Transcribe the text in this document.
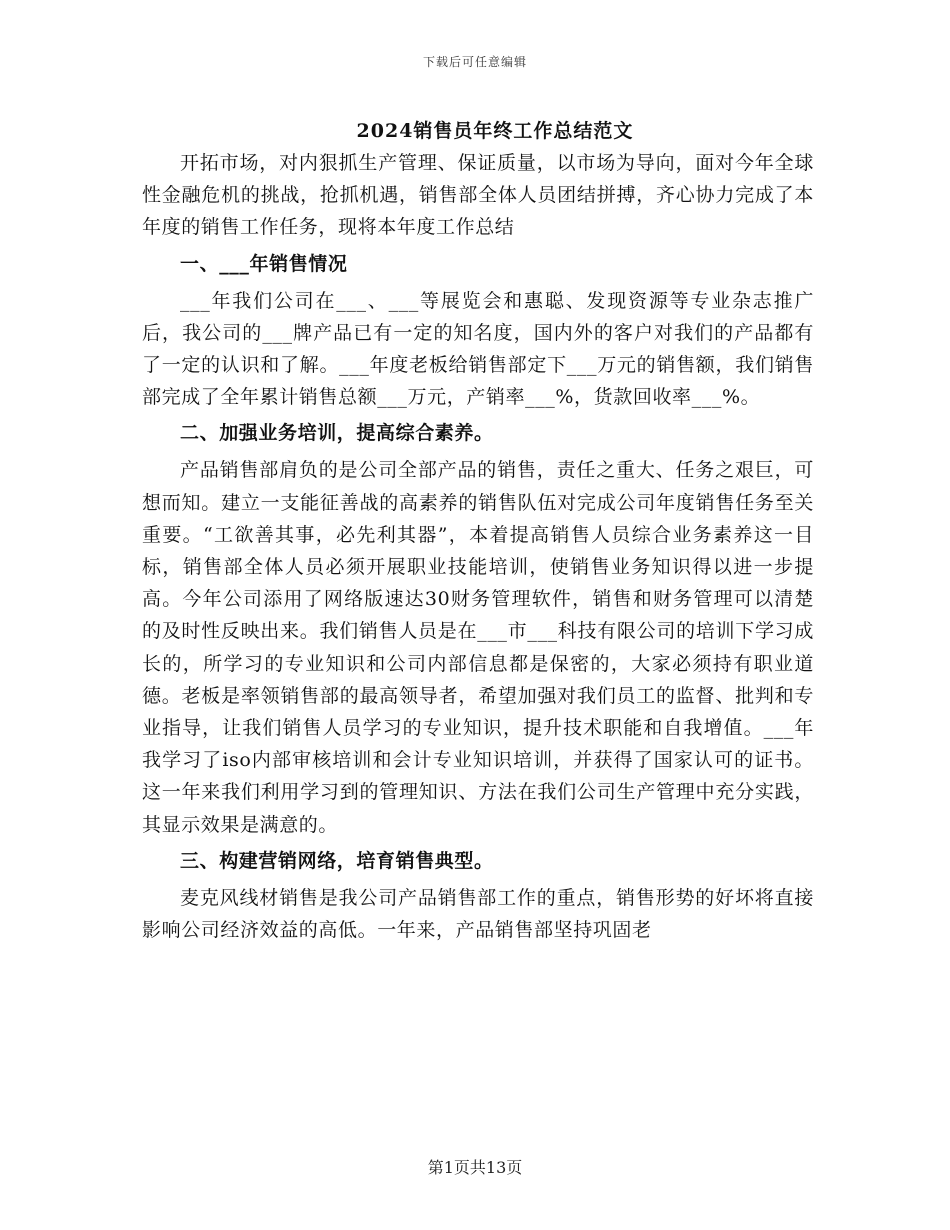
下载后可任意编辑
2024销售员年终工作总结范文

开拓市场，对内狠抓生产管理、保证质量，以市场为导向，面对今年全球性金融危机的挑战，抢抓机遇，销售部全体人员团结拼搏，齐心协力完成了本年度的销售工作任务，现将本年度工作总结

一、___年销售情况

___年我们公司在___、___等展览会和惠聪、发现资源等专业杂志推广后，我公司的___牌产品已有一定的知名度，国内外的客户对我们的产品都有了一定的认识和了解。___年度老板给销售部定下___万元的销售额，我们销售部完成了全年累计销售总额___万元，产销率___%，货款回收率___%。

二、加强业务培训，提高综合素养。

产品销售部肩负的是公司全部产品的销售，责任之重大、任务之艰巨，可想而知。建立一支能征善战的高素养的销售队伍对完成公司年度销售任务至关重要。“工欲善其事，必先利其器”，本着提高销售人员综合业务素养这一目标，销售部全体人员必须开展职业技能培训，使销售业务知识得以进一步提高。今年公司添用了网络版速达30财务管理软件，销售和财务管理可以清楚的及时性反映出来。我们销售人员是在___市___科技有限公司的培训下学习成长的，所学习的专业知识和公司内部信息都是保密的，大家必须持有职业道德。老板是率领销售部的最高领导者，希望加强对我们员工的监督、批判和专业指导，让我们销售人员学习的专业知识，提升技术职能和自我增值。___年我学习了iso内部审核培训和会计专业知识培训，并获得了国家认可的证书。这一年来我们利用学习到的管理知识、方法在我们公司生产管理中充分实践，其显示效果是满意的。

三、构建营销网络，培育销售典型。

麦克风线材销售是我公司产品销售部工作的重点，销售形势的好坏将直接影响公司经济效益的高低。一年来，产品销售部坚持巩固老

第1页共13页
